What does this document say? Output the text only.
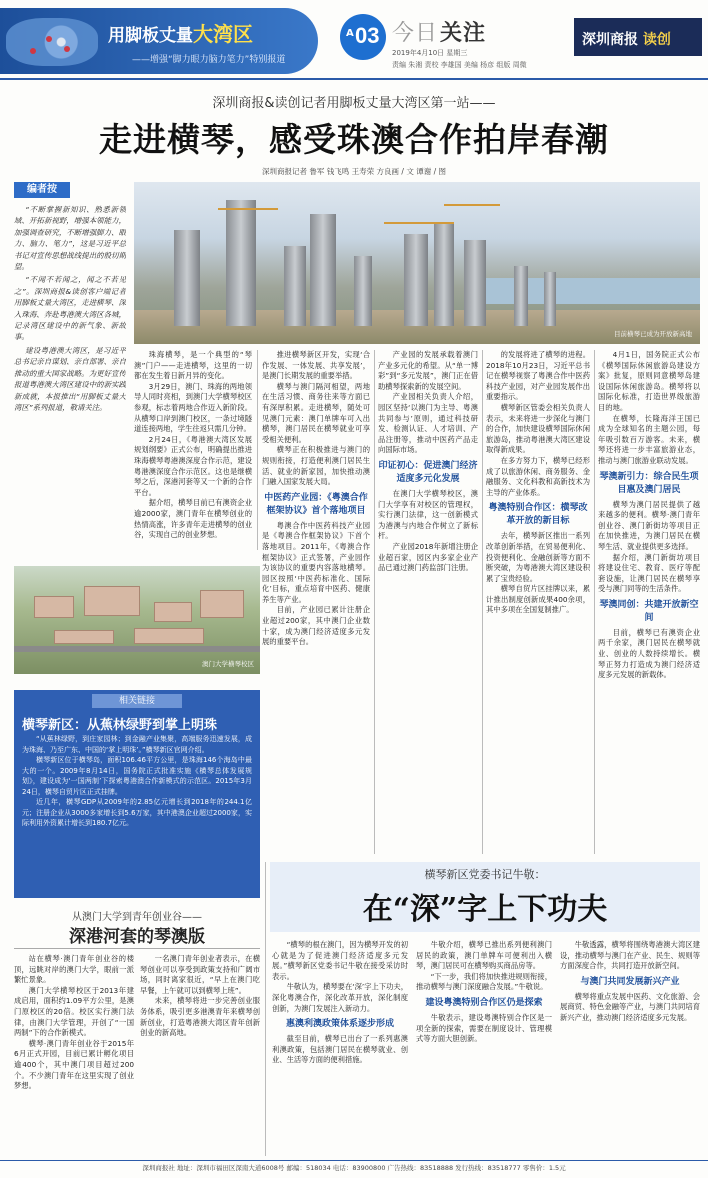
用脚板丈量大湾区
——增强“脚力眼力脑力笔力”特别报道
A 03 今日关注
2019年4月10日 星期三
责编 朱湘 责校 李雄国 美编 杨彦 组版 周微
深圳商报 读创
深圳商报&读创记者用脚板丈量大湾区第一站——
走进横琴，感受珠澳合作拍岸春潮
深圳商报记者 鲁军 钱飞鸣 王寿荣 方良画 / 文 谭谢 / 图
编者按

“不断掌握新知识、熟悉新领域、开拓新视野，增强本领能力，加强调查研究，不断增强脚力、眼力、脑力、笔力”，这是习近平总书记对宣传思想战线提出的殷切期望。

“不闻不若闻之，闻之不若见之”。深圳商报&读创客户端记者用脚板丈量大湾区，走进横琴、深入珠海、奔赴粤港澳大湾区各城，记录湾区建设中的新气象、新故事。

建设粤港澳大湾区，是习近平总书记亲自谋划、亲自部署、亲自推动的重大国家战略。为更好宣传报道粤港澳大湾区建设中的新实践新成就，本报推出“用脚板丈量大湾区”系列报道，敬请关注。

目前横琴已成为开放新高地

珠海横琴，是一个典型的“琴澳”门户——走进横琴，这里的一切都在发生着日新月异的变化。

3月29日，澳门、珠海的两地领导人同时亮相，到澳门大学横琴校区参观，标志着两地合作迈入新阶段。从横琴口岸到澳门校区，一条过境隧道连接两地，学生往返只需几分钟。

2月24日，《粤港澳大湾区发展规划纲要》正式公布，明确提出推进珠海横琴粤港澳深度合作示范，建设粤港澳深度合作示范区。这也是继横琴之后，深港河套等又一个新的合作平台。

据介绍，横琴目前已有澳资企业逾2000家，澳门青年在横琴创业的热情高涨，许多青年走进横琴的创业谷，实现自己的创业梦想。

推进横琴新区开发，实现‘合作发展、一体发展、共享发展’，是澳门长期发展的重要举措。

横琴与澳门隔河相望，两地在生活习惯、商务往来等方面已有深厚积累。走进横琴，随处可见澳门元素：澳门单牌车可入出横琴，澳门居民在横琴就业可享受相关便利。

横琴正在积极推进与澳门的规则衔接，打造便利澳门居民生活、就业的新家园，加快推动澳门融入国家发展大局。

中医药产业园：《粤澳合作框架协议》首个落地项目

粤澳合作中医药科技产业园是《粤澳合作框架协议》下首个落地项目。2011年，《粤澳合作框架协议》正式签署，产业园作为该协议的重要内容落地横琴。园区按照‘中医药标准化、国际化’目标，重点培育中医药、健康养生等产业。

目前，产业园已累计注册企业超过200家，其中澳门企业数十家，成为澳门经济适度多元发展的重要平台。

产业园的发展承载着澳门产业多元化的希望。从“单一博彩”到“多元发展”，澳门正在借助横琴探索新的发展空间。

产业园相关负责人介绍，园区坚持‘以澳门为主导、粤澳共同参与’原则，通过科技研发、检测认证、人才培训、产品注册等，推动中医药产品走向国际市场。

印证初心：促进澳门经济适度多元化发展

在澳门大学横琴校区，澳门大学享有对校区的管理权，实行澳门法律，这一创新模式为港澳与内地合作树立了新标杆。

产业园2018年新增注册企业超百家，园区内多家企业产品已通过澳门药监部门注册。

的发展将进了横琴的进程。2018年10月23日，习近平总书记在横琴视察了粤澳合作中医药科技产业园，对产业园发展作出重要指示。

横琴新区管委会相关负责人表示，未来将进一步深化与澳门的合作，加快建设横琴国际休闲旅游岛，推动粤港澳大湾区建设取得新成果。

在多方努力下，横琴已经形成了以旅游休闲、商务服务、金融服务、文化科教和高新技术为主导的产业体系。

粤澳特别合作区：横琴改革开放的新目标

去年，横琴新区推出一系列改革创新举措，在贸易便利化、投资便利化、金融创新等方面不断突破，为粤港澳大湾区建设积累了宝贵经验。

横琴自贸片区挂牌以来，累计推出制度创新成果400余项，其中多项在全国复制推广。

4月1日，国务院正式公布《横琴国际休闲旅游岛建设方案》批复，原则同意横琴岛建设国际休闲旅游岛。横琴将以国际化标准，打造世界级旅游目的地。

在横琴，长隆海洋王国已成为全球知名的主题公园，每年吸引数百万游客。未来，横琴还将进一步丰富旅游业态，推动与澳门旅游业联动发展。

琴澳新引力：综合民生项目惠及澳门居民

横琴为澳门居民提供了越来越多的便利。横琴·澳门青年创业谷、澳门新街坊等项目正在加快推进，为澳门居民在横琴生活、就业提供更多选择。

据介绍，澳门新街坊项目将建设住宅、教育、医疗等配套设施，让澳门居民在横琴享受与澳门同等的生活条件。

琴澳同创：共建开放新空间

目前，横琴已有澳资企业两千余家，澳门居民在横琴就业、创业的人数持续增长。横琴正努力打造成为澳门经济适度多元发展的新载体。

澳门大学横琴校区
相关链接
横琴新区：从蕉林绿野到掌上明珠

“从蕉林绿野，到庄家园林；到金融产业集聚，高端服务迅速发展，成为珠海、乃至广东、中国的‘掌上明珠’。”横琴新区官网介绍。

横琴新区位于横琴岛，面积106.46平方公里，是珠海146个海岛中最大的一个。2009年8月14日，国务院正式批准实施《横琴总体发展规划》，建设成为‘一国两制’下探索粤港澳合作新模式的示范区。2015年3月24日，横琴自贸片区正式挂牌。

近几年，横琴GDP从2009年的2.85亿元增长到2018年的244.1亿元；注册企业从3000多家增长到5.6万家，其中港澳企业超过2000家，实际利用外资累计增长到180.7亿元。

从澳门大学到青年创业谷——
深港河套的琴澳版

站在横琴·澳门青年创业谷的楼顶，远眺对岸的澳门大学，眼前一派繁忙景象。

澳门大学横琴校区于2013年建成启用，面积约1.09平方公里，是澳门原校区的20倍。校区实行澳门法律，由澳门大学管理，开创了“一国两制”下的合作新模式。

横琴·澳门青年创业谷于2015年6月正式开园，目前已累计孵化项目逾400个，其中澳门项目超过200个。不少澳门青年在这里实现了创业梦想。

一名澳门青年创业者表示，在横琴创业可以享受到政策支持和广阔市场，同时离家很近，“早上在澳门吃早餐，上午就可以到横琴上班”。

未来，横琴将进一步完善创业服务体系，吸引更多港澳青年来横琴创新创业，打造粤港澳大湾区青年创新创业的新高地。

横琴新区党委书记牛敬：
在“深”字上下功夫

“横琴的根在澳门，因为横琴开发的初心就是为了促进澳门经济适度多元发展。”横琴新区党委书记牛敬在接受采访时表示。

牛敬认为，横琴要在‘深’字上下功夫，深化粤澳合作，深化改革开放，深化制度创新，为澳门发展注入新动力。

惠澳利澳政策体系逐步形成

截至目前，横琴已出台了一系列惠澳利澳政策，包括澳门居民在横琴就业、创业、生活等方面的便利措施。

牛敬介绍，横琴已推出系列便利澳门居民的政策，澳门单牌车可便利出入横琴，澳门居民可在横琴购买商品房等。

“下一步，我们将加快推进规则衔接，推动横琴与澳门深度融合发展。”牛敬说。

建设粤澳特别合作区仍是探索

牛敬表示，建设粤澳特别合作区是一项全新的探索，需要在制度设计、管理模式等方面大胆创新。

牛敬透露，横琴将围绕粤港澳大湾区建设，推动横琴与澳门在产业、民生、规则等方面深度合作，共同打造开放新空间。

与澳门共同发展新兴产业

横琴将重点发展中医药、文化旅游、会展商贸、特色金融等产业，与澳门共同培育新兴产业，推动澳门经济适度多元发展。

深圳商报社 地址：深圳市福田区深南大道6008号 邮编：518034 电话：83900800 广告热线：83518888 发行热线：83518777 零售价：1.5元
